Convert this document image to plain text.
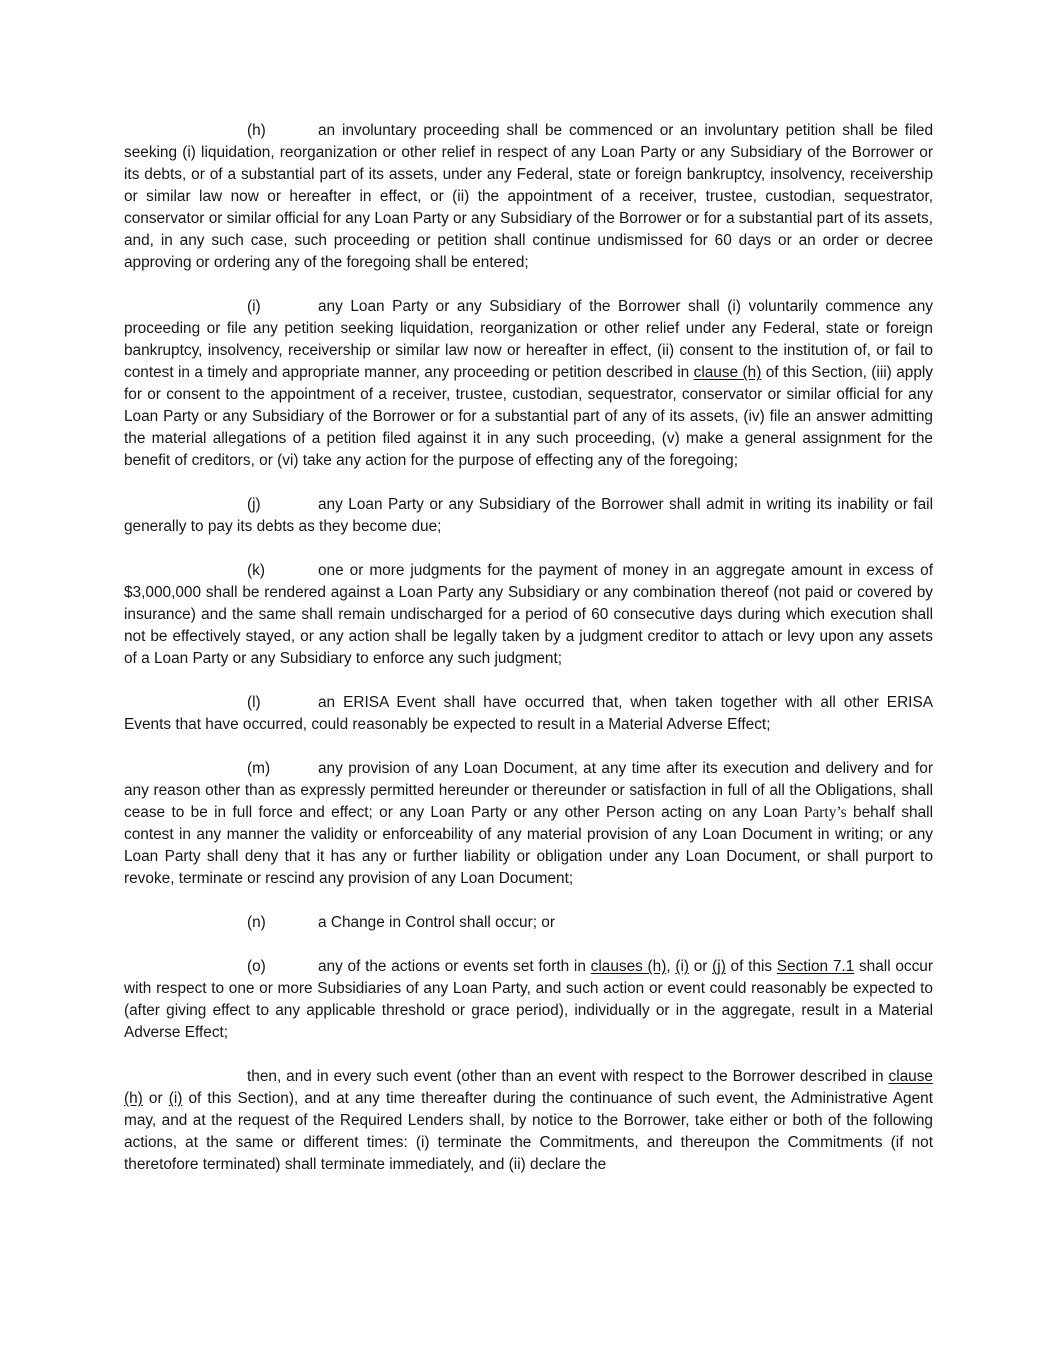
(h)	an involuntary proceeding shall be commenced or an involuntary petition shall be filed seeking (i) liquidation, reorganization or other relief in respect of any Loan Party or any Subsidiary of the Borrower or its debts, or of a substantial part of its assets, under any Federal, state or foreign bankruptcy, insolvency, receivership or similar law now or hereafter in effect, or (ii) the appointment of a receiver, trustee, custodian, sequestrator, conservator or similar official for any Loan Party or any Subsidiary of the Borrower or for a substantial part of its assets, and, in any such case, such proceeding or petition shall continue undismissed for 60 days or an order or decree approving or ordering any of the foregoing shall be entered;

(i)	any Loan Party or any Subsidiary of the Borrower shall (i) voluntarily commence any proceeding or file any petition seeking liquidation, reorganization or other relief under any Federal, state or foreign bankruptcy, insolvency, receivership or similar law now or hereafter in effect, (ii) consent to the institution of, or fail to contest in a timely and appropriate manner, any proceeding or petition described in clause (h) of this Section, (iii) apply for or consent to the appointment of a receiver, trustee, custodian, sequestrator, conservator or similar official for any Loan Party or any Subsidiary of the Borrower or for a substantial part of any of its assets, (iv) file an answer admitting the material allegations of a petition filed against it in any such proceeding, (v) make a general assignment for the benefit of creditors, or (vi) take any action for the purpose of effecting any of the foregoing;

(j)	any Loan Party or any Subsidiary of the Borrower shall admit in writing its inability or fail generally to pay its debts as they become due;

(k)	one or more judgments for the payment of money in an aggregate amount in excess of $3,000,000 shall be rendered against a Loan Party any Subsidiary or any combination thereof (not paid or covered by insurance) and the same shall remain undischarged for a period of 60 consecutive days during which execution shall not be effectively stayed, or any action shall be legally taken by a judgment creditor to attach or levy upon any assets of a Loan Party or any Subsidiary to enforce any such judgment;

(l)	an ERISA Event shall have occurred that, when taken together with all other ERISA Events that have occurred, could reasonably be expected to result in a Material Adverse Effect;

(m)	any provision of any Loan Document, at any time after its execution and delivery and for any reason other than as expressly permitted hereunder or thereunder or satisfaction in full of all the Obligations, shall cease to be in full force and effect; or any Loan Party or any other Person acting on any Loan Party’s behalf shall contest in any manner the validity or enforceability of any material provision of any Loan Document in writing; or any Loan Party shall deny that it has any or further liability or obligation under any Loan Document, or shall purport to revoke, terminate or rescind any provision of any Loan Document;

(n)	a Change in Control shall occur; or

(o)	any of the actions or events set forth in clauses (h), (i) or (j) of this Section 7.1 shall occur with respect to one or more Subsidiaries of any Loan Party, and such action or event could reasonably be expected to (after giving effect to any applicable threshold or grace period), individually or in the aggregate, result in a Material Adverse Effect;

then, and in every such event (other than an event with respect to the Borrower described in clause (h) or (i) of this Section), and at any time thereafter during the continuance of such event, the Administrative Agent may, and at the request of the Required Lenders shall, by notice to the Borrower, take either or both of the following actions, at the same or different times: (i) terminate the Commitments, and thereupon the Commitments (if not theretofore terminated) shall terminate immediately, and (ii) declare the
